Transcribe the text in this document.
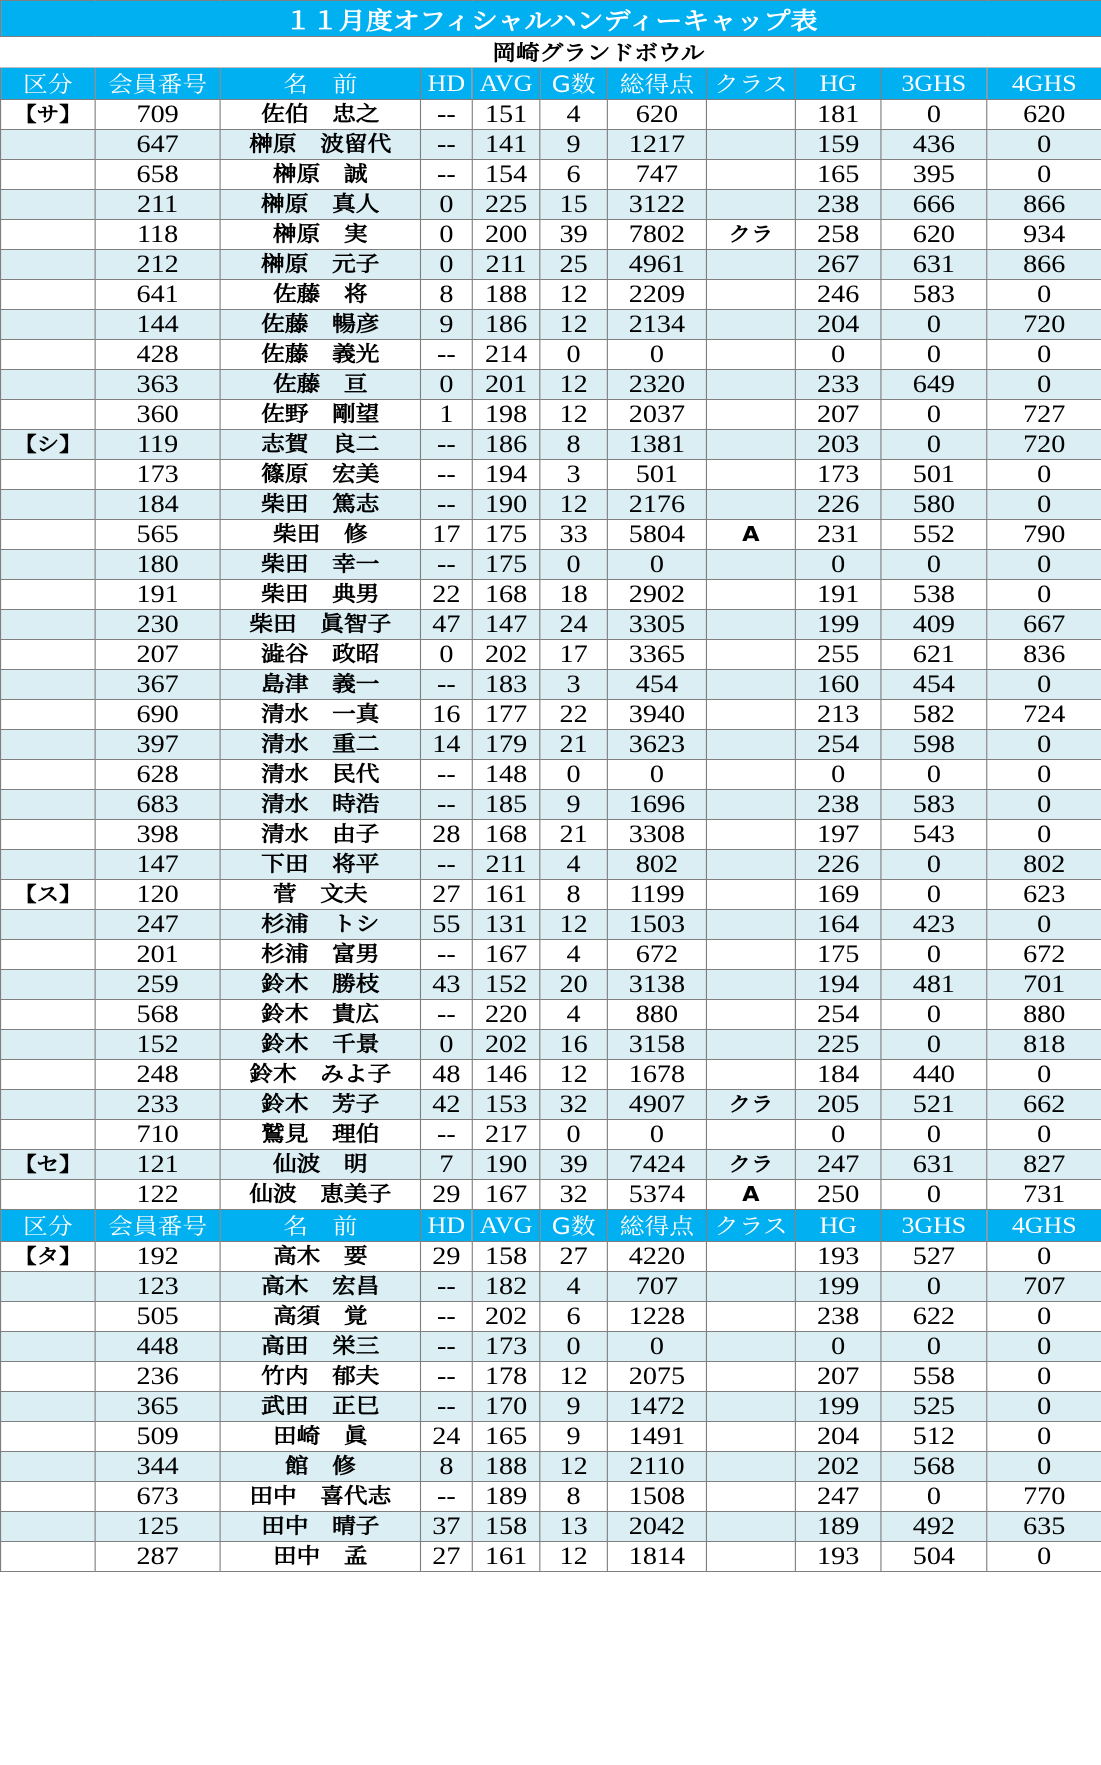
１１月度オフィシャルハンディーキャップ表										
	岡崎グランドボウル									
区分	会員番号	名　前	HD	AVG	G数	総得点	クラス	HG	3GHS	4GHS
【サ】	709	佐伯　忠之	--	151	4	620		181	0	620
	647	榊原　波留代	--	141	9	1217		159	436	0
	658	榊原　誠	--	154	6	747		165	395	0
	211	榊原　真人	0	225	15	3122		238	666	866
	118	榊原　実	0	200	39	7802	クラ	258	620	934
	212	榊原　元子	0	211	25	4961		267	631	866
	641	佐藤　将	8	188	12	2209		246	583	0
	144	佐藤　暢彦	9	186	12	2134		204	0	720
	428	佐藤　義光	--	214	0	0		0	0	0
	363	佐藤　亘	0	201	12	2320		233	649	0
	360	佐野　剛望	1	198	12	2037		207	0	727
【シ】	119	志賀　良二	--	186	8	1381		203	0	720
	173	篠原　宏美	--	194	3	501		173	501	0
	184	柴田　篤志	--	190	12	2176		226	580	0
	565	柴田　修	17	175	33	5804	A	231	552	790
	180	柴田　幸一	--	175	0	0		0	0	0
	191	柴田　典男	22	168	18	2902		191	538	0
	230	柴田　眞智子	47	147	24	3305		199	409	667
	207	澁谷　政昭	0	202	17	3365		255	621	836
	367	島津　義一	--	183	3	454		160	454	0
	690	清水　一真	16	177	22	3940		213	582	724
	397	清水　重二	14	179	21	3623		254	598	0
	628	清水　民代	--	148	0	0		0	0	0
	683	清水　時浩	--	185	9	1696		238	583	0
	398	清水　由子	28	168	21	3308		197	543	0
	147	下田　将平	--	211	4	802		226	0	802
【ス】	120	菅　文夫	27	161	8	1199		169	0	623
	247	杉浦　トシ	55	131	12	1503		164	423	0
	201	杉浦　富男	--	167	4	672		175	0	672
	259	鈴木　勝枝	43	152	20	3138		194	481	701
	568	鈴木　貴広	--	220	4	880		254	0	880
	152	鈴木　千景	0	202	16	3158		225	0	818
	248	鈴木　みよ子	48	146	12	1678		184	440	0
	233	鈴木　芳子	42	153	32	4907	クラ	205	521	662
	710	鷲見　理伯	--	217	0	0		0	0	0
【セ】	121	仙波　明	7	190	39	7424	クラ	247	631	827
	122	仙波　恵美子	29	167	32	5374	A	250	0	731
区分	会員番号	名　前	HD	AVG	G数	総得点	クラス	HG	3GHS	4GHS
【タ】	192	高木　要	29	158	27	4220		193	527	0
	123	高木　宏昌	--	182	4	707		199	0	707
	505	高須　覚	--	202	6	1228		238	622	0
	448	高田　栄三	--	173	0	0		0	0	0
	236	竹内　郁夫	--	178	12	2075		207	558	0
	365	武田　正巳	--	170	9	1472		199	525	0
	509	田崎　眞	24	165	9	1491		204	512	0
	344	館　修	8	188	12	2110		202	568	0
	673	田中　喜代志	--	189	8	1508		247	0	770
	125	田中　晴子	37	158	13	2042		189	492	635
	287	田中　孟	27	161	12	1814		193	504	0
